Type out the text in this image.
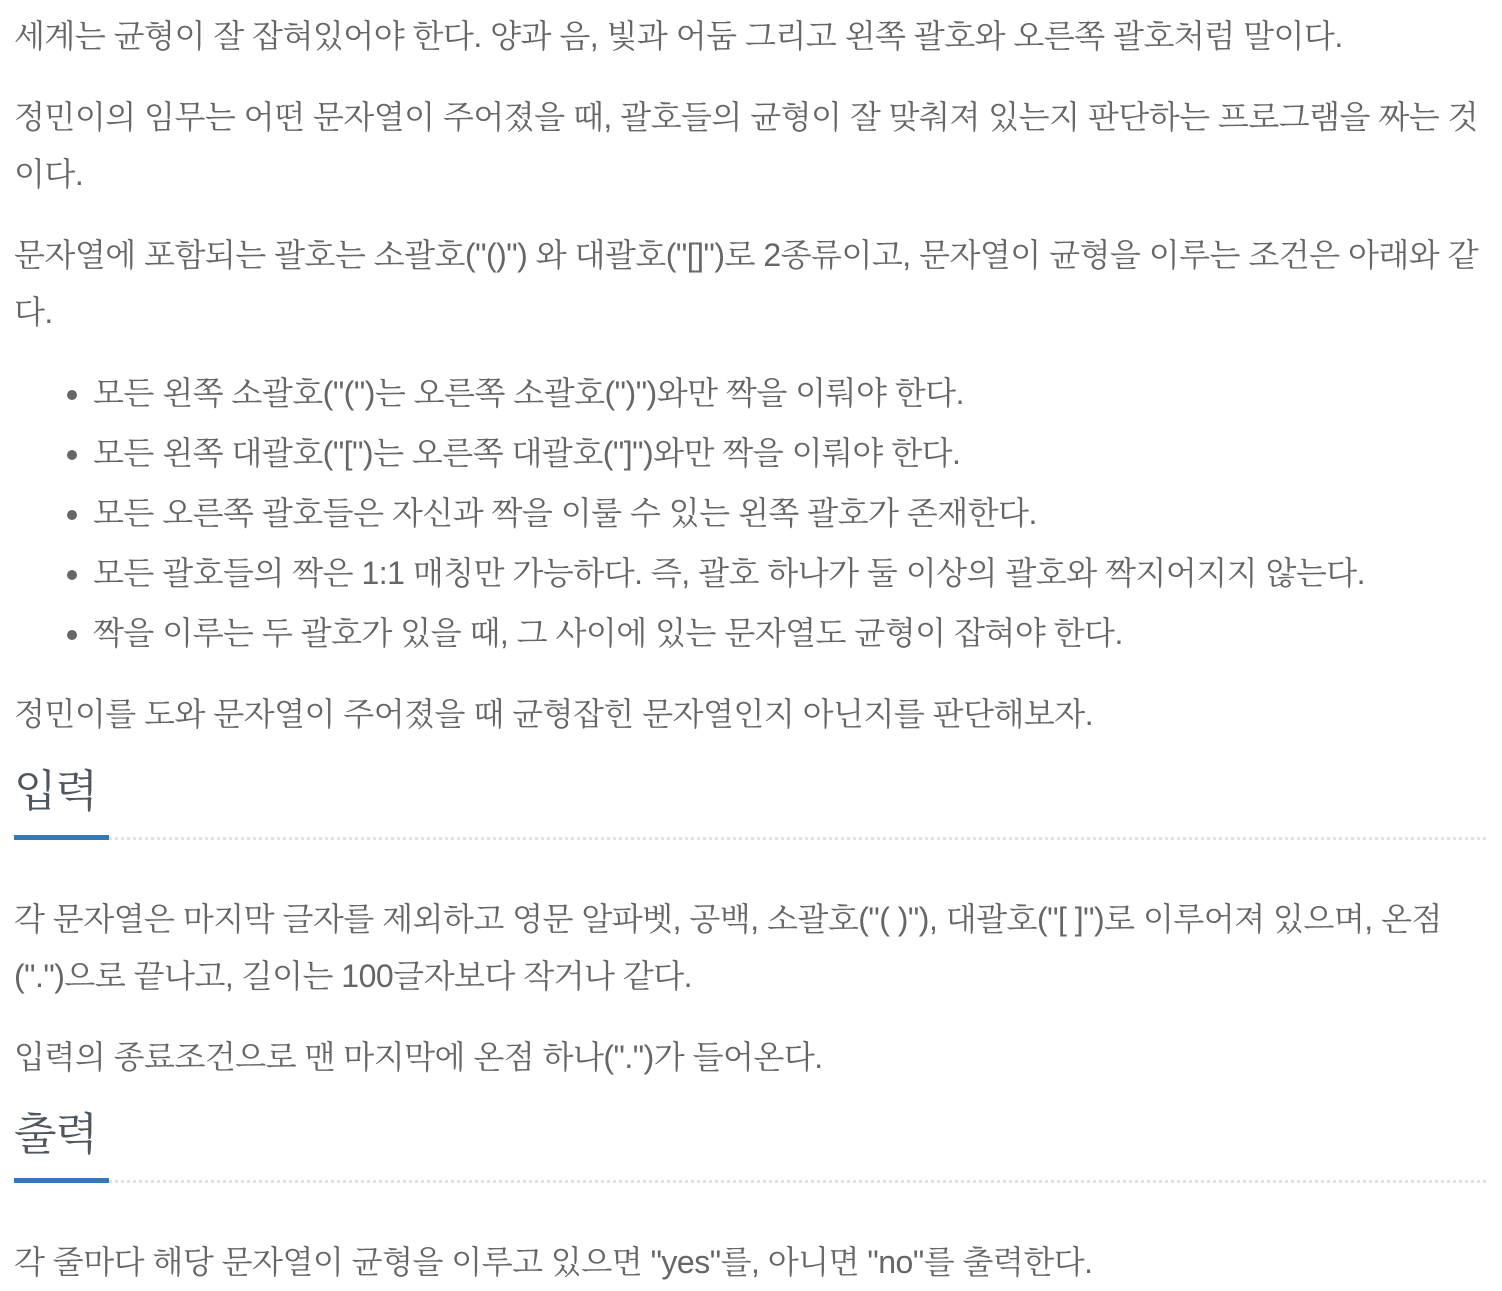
세계는 균형이 잘 잡혀있어야 한다. 양과 음, 빛과 어둠 그리고 왼쪽 괄호와 오른쪽 괄호처럼 말이다.

정민이의 임무는 어떤 문자열이 주어졌을 때, 괄호들의 균형이 잘 맞춰져 있는지 판단하는 프로그램을 짜는 것이다.

문자열에 포함되는 괄호는 소괄호("()") 와 대괄호("[]")로 2종류이고, 문자열이 균형을 이루는 조건은 아래와 같다.

• 모든 왼쪽 소괄호("(")는 오른쪽 소괄호(")")와만 짝을 이뤄야 한다.
• 모든 왼쪽 대괄호("[")는 오른쪽 대괄호("]")와만 짝을 이뤄야 한다.
• 모든 오른쪽 괄호들은 자신과 짝을 이룰 수 있는 왼쪽 괄호가 존재한다.
• 모든 괄호들의 짝은 1:1 매칭만 가능하다. 즉, 괄호 하나가 둘 이상의 괄호와 짝지어지지 않는다.
• 짝을 이루는 두 괄호가 있을 때, 그 사이에 있는 문자열도 균형이 잡혀야 한다.

정민이를 도와 문자열이 주어졌을 때 균형잡힌 문자열인지 아닌지를 판단해보자.

입력

각 문자열은 마지막 글자를 제외하고 영문 알파벳, 공백, 소괄호("( )"), 대괄호("[ ]")로 이루어져 있으며, 온점(".")으로 끝나고, 길이는 100글자보다 작거나 같다.

입력의 종료조건으로 맨 마지막에 온점 하나(".")가 들어온다.

출력

각 줄마다 해당 문자열이 균형을 이루고 있으면 "yes"를, 아니면 "no"를 출력한다.
